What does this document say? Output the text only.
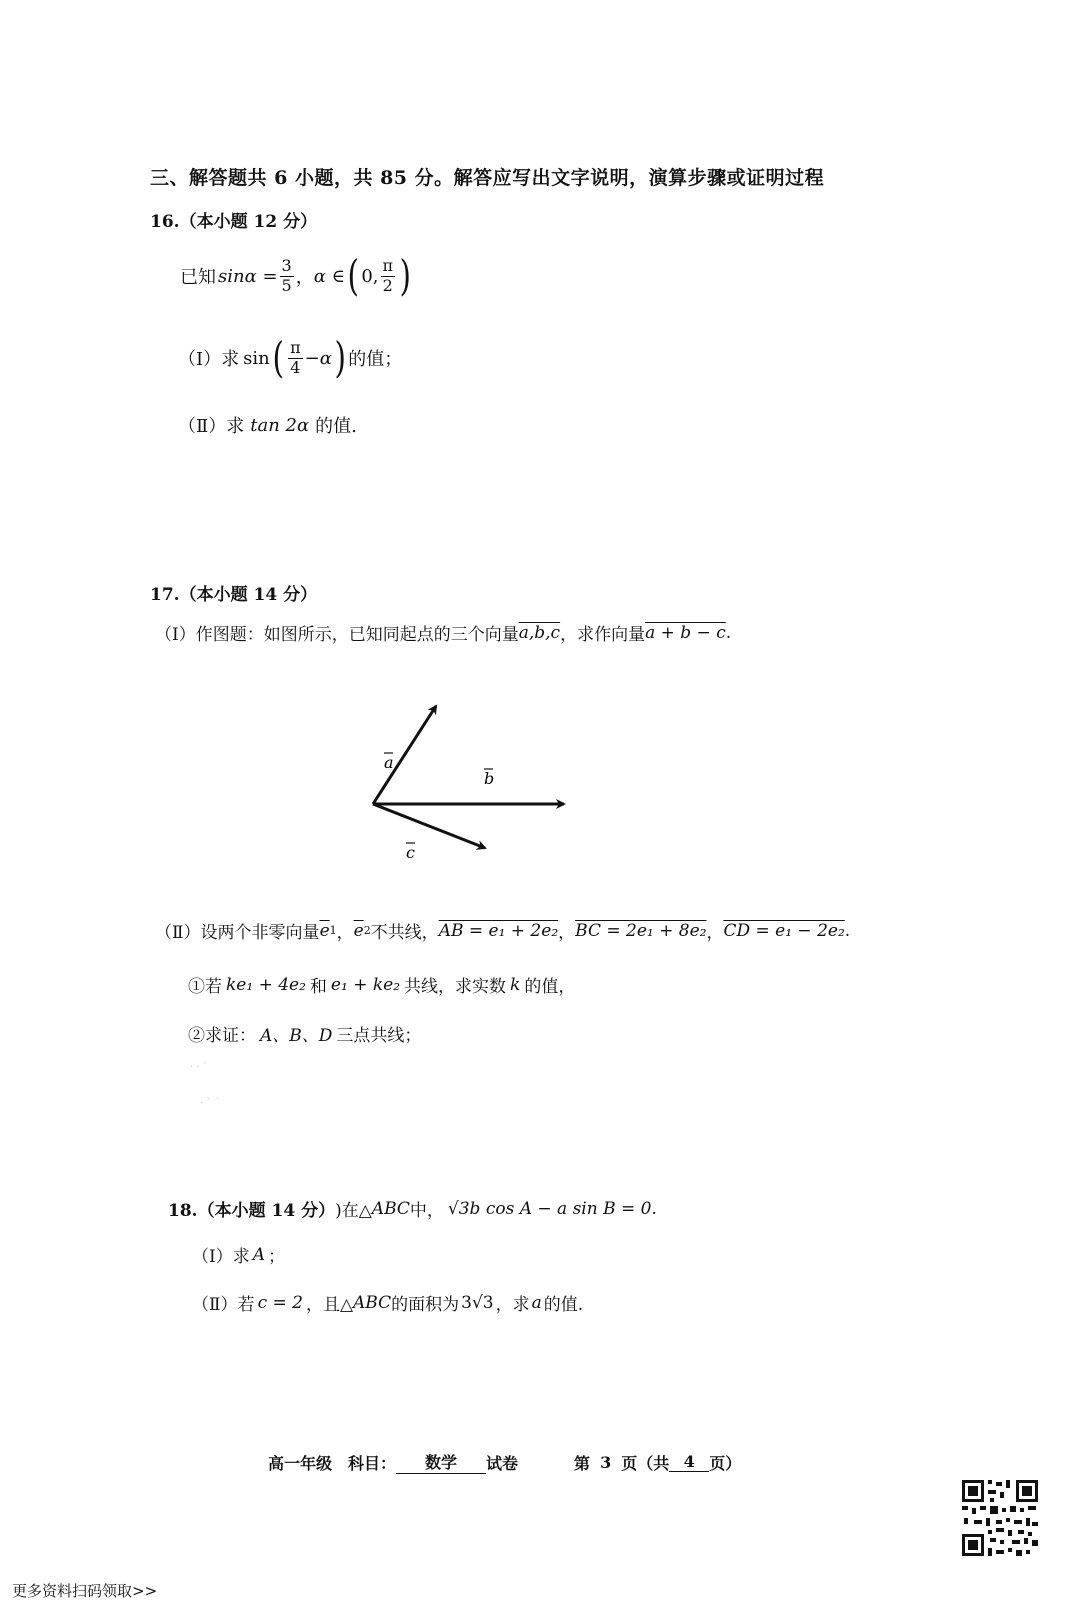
三、解答题共 6 小题，共 85 分。解答应写出文字说明，演算步骤或证明过程
16.（本小题 12 分）
已知 $\sin\alpha = \frac{3}{5}$ ， α ∈ ( 0, $\frac{\pi}{2}$ )
（Ⅰ）求 sin ( $\frac{\pi}{4} -\alpha$ ) 的值；
（Ⅱ）求 tan 2α 的值.
17.（本小题 14 分）
（Ⅰ）作图题：如图所示，已知同起点的三个向量 a,b,c ，求作向量 a + b − c .
a
b
c
（Ⅱ）设两个非零向量 $\overline{e}$ 1 ， $\overline{e}$ 2 不共线， AB = e₁ + 2e₂ ， BC = 2e₁ + 8e₂ ， CD = e₁ − 2e₂ .
①若 ke₁ + 4e₂ 和 e₁ + ke₂ 共线，求实数 k 的值，
②求证： A、B、D 三点共线；
· · ˋ
· ˋ ˊ
18.（本小题 14 分） )在△ ABC 中， √3b cos A − a sin B = 0.
（Ⅰ）求 A ；
（Ⅱ）若 c = 2 ，且△ ABC 的面积为 3√3 ，求 a 的值.
高一年级 科目：	数学	试卷	第 3 页（共 4 页）
更多资料扫码领取>>
